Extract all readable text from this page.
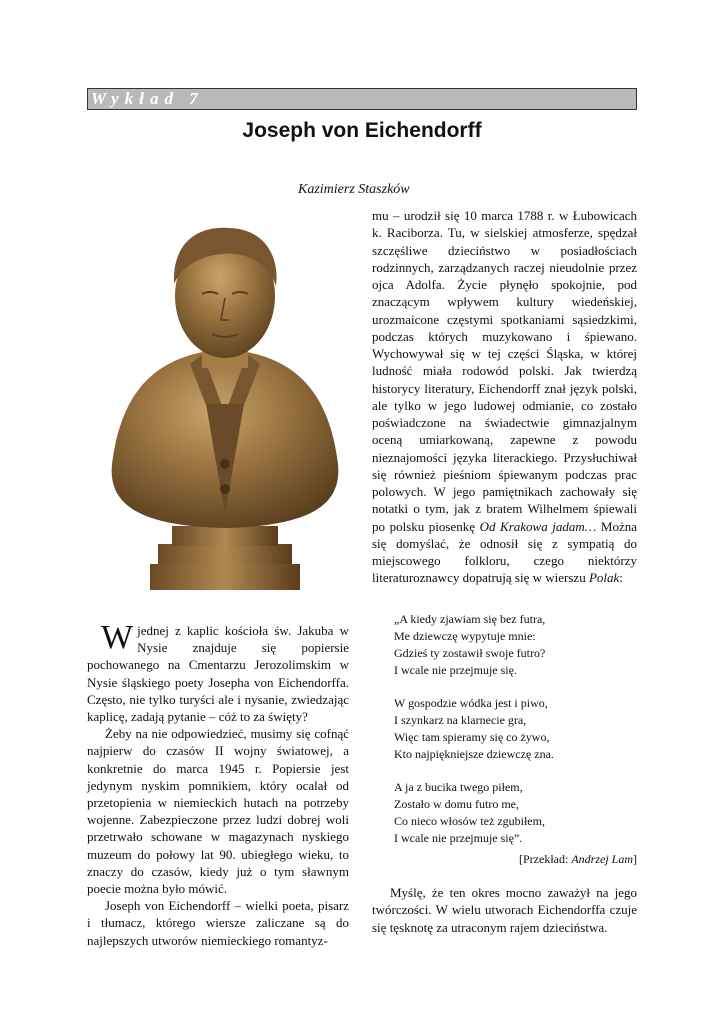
Wykład 7
Joseph von Eichendorff
Kazimierz Staszków

Wjednej z kaplic kościoła św. Jakuba w Nysie znajduje się popiersie pochowanego na Cmentarzu Jerozolimskim w Nysie śląskiego poety Josepha von Eichendorffa. Często, nie tylko turyści ale i nysanie, zwiedzając kaplicę, zadają pytanie – cóż to za święty?

Żeby na nie odpowiedzieć, musimy się cofnąć najpierw do czasów II wojny światowej, a konkretnie do marca 1945 r. Popiersie jest jedynym nyskim pomnikiem, który ocalał od przetopienia w niemieckich hutach na potrzeby wojenne. Zabezpieczone przez ludzi dobrej woli przetrwało schowane w magazynach nyskiego muzeum do połowy lat 90. ubiegłego wieku, to znaczy do czasów, kiedy już o tym sławnym poecie można było mówić.

Joseph von Eichendorff – wielki poeta, pisarz i tłumacz, którego wiersze zaliczane są do najlepszych utworów niemieckiego romantyz-

mu – urodził się 10 marca 1788 r. w Łubowicach k. Raciborza. Tu, w sielskiej atmosferze, spędzał szczęśliwe dzieciństwo w posiadłościach rodzinnych, zarządzanych raczej nieudolnie przez ojca Adolfa. Życie płynęło spokojnie, pod znaczącym wpływem kultury wiedeńskiej, urozmaicone częstymi spotkaniami sąsiedzkimi, podczas których muzykowano i śpiewano. Wychowywał się w tej części Śląska, w której ludność miała rodowód polski. Jak twierdzą historycy literatury, Eichendorff znał język polski, ale tylko w jego ludowej odmianie, co zostało poświadczone na świadectwie gimnazjalnym oceną umiarkowaną, zapewne z powodu nieznajomości języka literackiego. Przysłuchiwał się również pieśniom śpiewanym podczas prac polowych. W jego pamiętnikach zachowały się notatki o tym, jak z bratem Wilhelmem śpiewali po polsku piosenkę Od Krakowa jadam… Można się domyślać, że odnosił się z sympatią do miejscowego folkloru, czego niektórzy literaturoznawcy dopatrują się w wierszu Polak:

„A kiedy zjawiam się bez futra,
Me dziewczę wypytuje mnie:
Gdzieś ty zostawił swoje futro?
I wcale nie przejmuje się.
W gospodzie wódka jest i piwo,
I szynkarz na klarnecie gra,
Więc tam spieramy się co żywo,
Kto najpiękniejsze dziewczę zna.
A ja z bucika twego piłem,
Zostało w domu futro me,
Co nieco włosów też zgubiłem,
I wcale nie przejmuje się”.
[Przekład: Andrzej Lam]

Myślę, że ten okres mocno zaważył na jego twórczości. W wielu utworach Eichendorffa czuje się tęsknotę za utraconym rajem dzieciństwa.
